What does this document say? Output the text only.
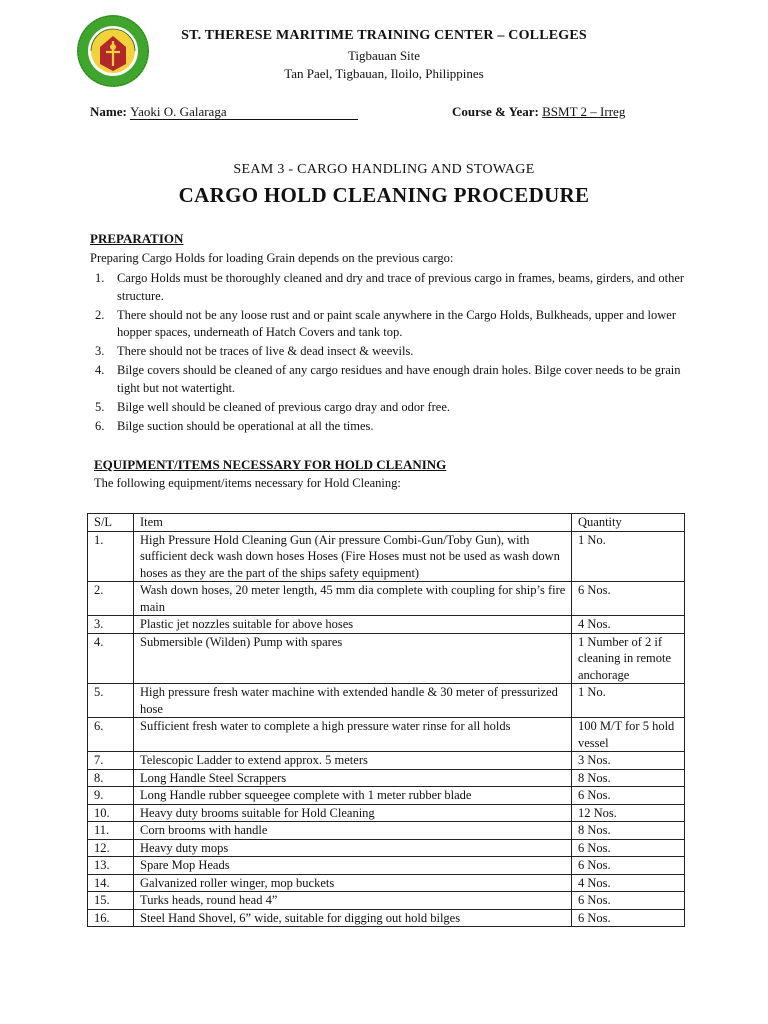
ST. THERESE MARITIME TRAINING CENTER – COLLEGES
Tigbauan Site
Tan Pael, Tigbauan, Iloilo, Philippines
Name: Yaoki O. Galaraga	Course & Year: BSMT 2 – Irreg
SEAM 3 - CARGO HANDLING AND STOWAGE
CARGO HOLD CLEANING PROCEDURE
PREPARATION
Preparing Cargo Holds for loading Grain depends on the previous cargo:
1. Cargo Holds must be thoroughly cleaned and dry and trace of previous cargo in frames, beams, girders, and other structure.
2. There should not be any loose rust and or paint scale anywhere in the Cargo Holds, Bulkheads, upper and lower hopper spaces, underneath of Hatch Covers and tank top.
3. There should not be traces of live & dead insect & weevils.
4. Bilge covers should be cleaned of any cargo residues and have enough drain holes. Bilge cover needs to be grain tight but not watertight.
5. Bilge well should be cleaned of previous cargo dray and odor free.
6. Bilge suction should be operational at all the times.
EQUIPMENT/ITEMS NECESSARY FOR HOLD CLEANING
The following equipment/items necessary for Hold Cleaning:
S/L	Item	Quantity
1.	High Pressure Hold Cleaning Gun (Air pressure Combi-Gun/Toby Gun), with sufficient deck wash down hoses Hoses (Fire Hoses must not be used as wash down hoses as they are the part of the ships safety equipment)	1 No.
2.	Wash down hoses, 20 meter length, 45 mm dia complete with coupling for ship’s fire main	6 Nos.
3.	Plastic jet nozzles suitable for above hoses	4 Nos.
4.	Submersible (Wilden) Pump with spares	1 Number of 2 if cleaning in remote anchorage
5.	High pressure fresh water machine with extended handle & 30 meter of pressurized hose	1 No.
6.	Sufficient fresh water to complete a high pressure water rinse for all holds	100 M/T for 5 hold vessel
7.	Telescopic Ladder to extend approx. 5 meters	3 Nos.
8.	Long Handle Steel Scrappers	8 Nos.
9.	Long Handle rubber squeegee complete with 1 meter rubber blade	6 Nos.
10.	Heavy duty brooms suitable for Hold Cleaning	12 Nos.
11.	Corn brooms with handle	8 Nos.
12.	Heavy duty mops	6 Nos.
13.	Spare Mop Heads	6 Nos.
14.	Galvanized roller winger, mop buckets	4 Nos.
15.	Turks heads, round head 4”	6 Nos.
16.	Steel Hand Shovel, 6” wide, suitable for digging out hold bilges	6 Nos.
